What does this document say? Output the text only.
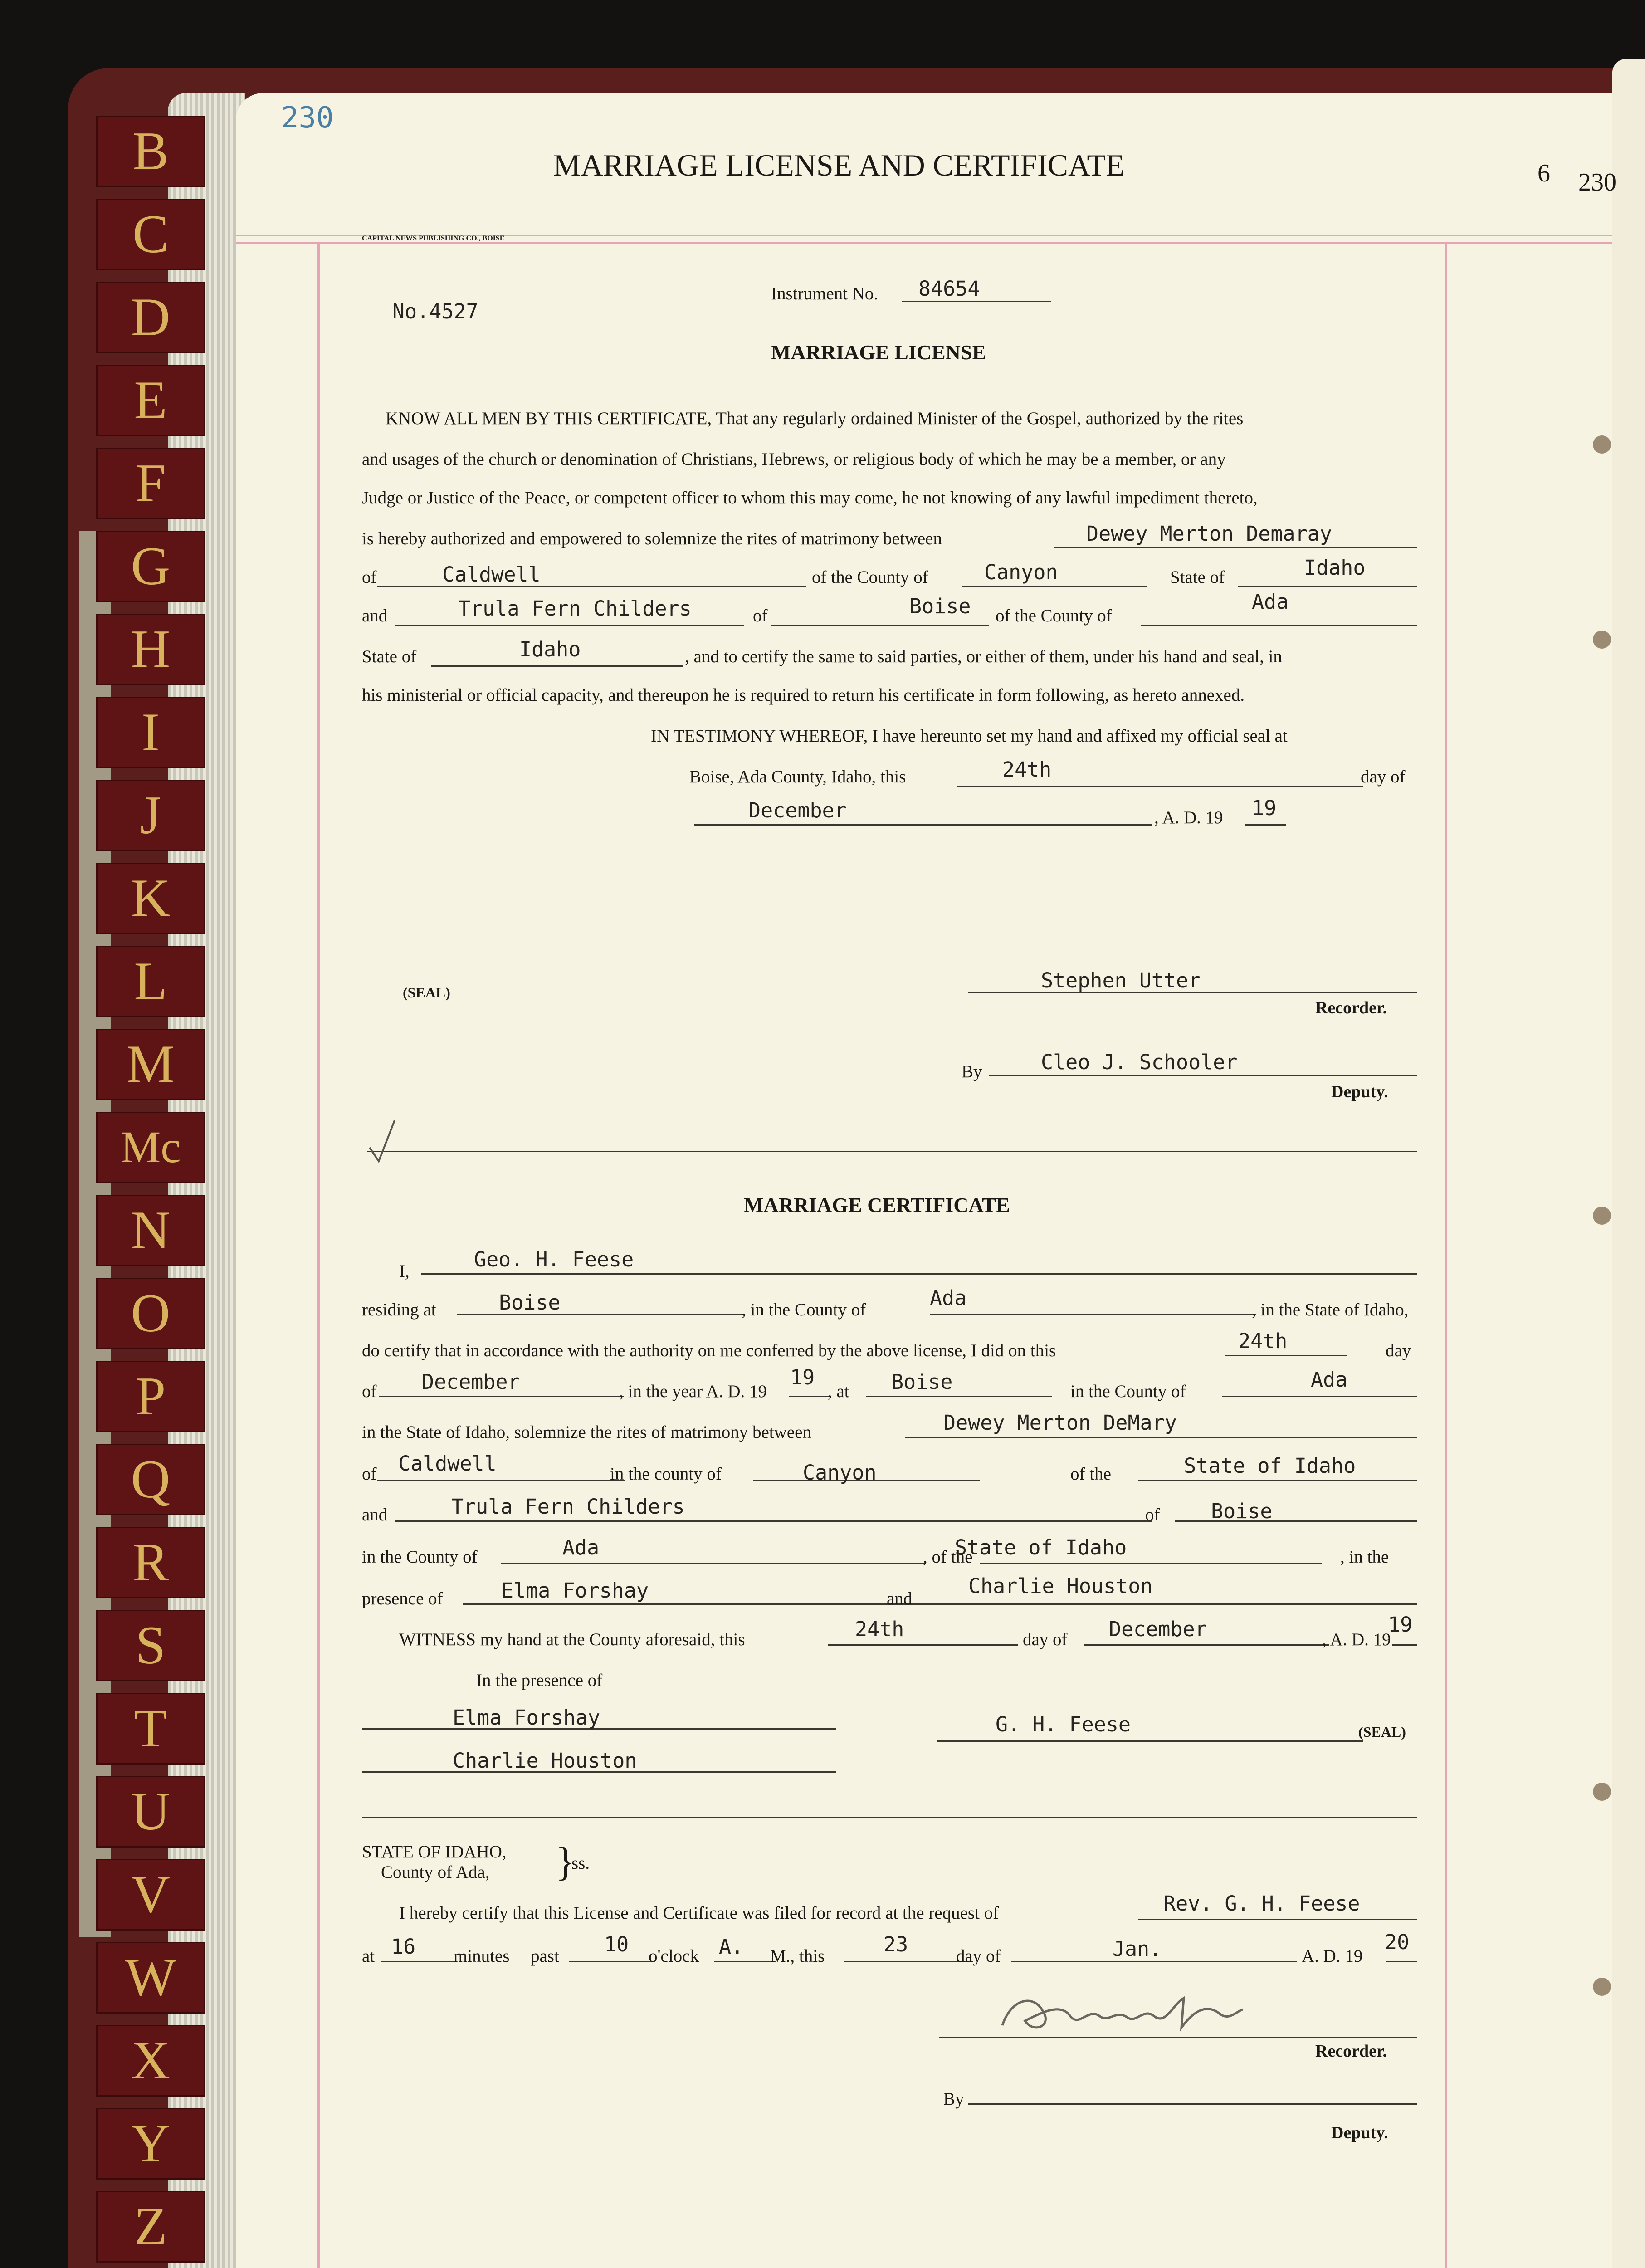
B
C
D
E
F
G
H
I
J
K
L
M
Mc
N
O
P
Q
R
S
T
U
V
W
X
Y
Z
230
MARRIAGE LICENSE AND CERTIFICATE	6 230
CAPITAL NEWS PUBLISHING CO., BOISE
No.4527
Instrument No. 84654
MARRIAGE LICENSE
KNOW ALL MEN BY THIS CERTIFICATE, That any regularly ordained Minister of the Gospel, authorized by the rites
and usages of the church or denomination of Christians, Hebrews, or religious body of which he may be a member, or any
Judge or Justice of the Peace, or competent officer to whom this may come, he not knowing of any lawful impediment thereto,
is hereby authorized and empowered to solemnize the rites of matrimony between	Dewey Merton Demaray
of	Caldwell	of the County of	Canyon	State of	Idaho
and	Trula Fern Childers	of	Boise of the County of
Ada
State of	Idaho	, and to certify the same to said parties, or either of them, under his hand and seal, in
his ministerial or official capacity, and thereupon he is required to return his certificate in form following, as hereto annexed.
IN TESTIMONY WHEREOF, I have hereunto set my hand and affixed my official seal at
Boise, Ada County, Idaho, this	24th	day of
December	, A. D. 19 19
(SEAL)	Stephen Utter
Recorder.
By	Cleo J. Schooler
Deputy.
MARRIAGE CERTIFICATE
I,	Geo. H. Feese
residing at	Boise	, in the County of	Ada	, in the State of Idaho,
do certify that in accordance with the authority on me conferred by the above license, I did on this	24th	day
of December	, in the year A. D. 19
19
, at Boise	in the County of	Ada
in the State of Idaho, solemnize the rites of matrimony between	Dewey Merton DeMary
of Caldwell	in the county of	Canyon	of the	State of Idaho
and	Trula Fern Childers	of	Boise
in the County of	Ada	, of the
State of Idaho	, in the
presence of	Elma Forshay	and
Charlie Houston
WITNESS my hand at the County aforesaid, this	24th	day of December	, A. D. 19
19
In the presence of
Elma Forshay
Charlie Houston
G. H. Feese	(SEAL)
STATE OF IDAHO,
County of Ada, }
ss.
I hereby certify that this License and Certificate was filed for record at the request of	Rev. G. H. Feese
at 16 minutes past 10 o'clock A. M., this	23	day of	Jan.	A. D. 19
20
Recorder.
By
Deputy.
